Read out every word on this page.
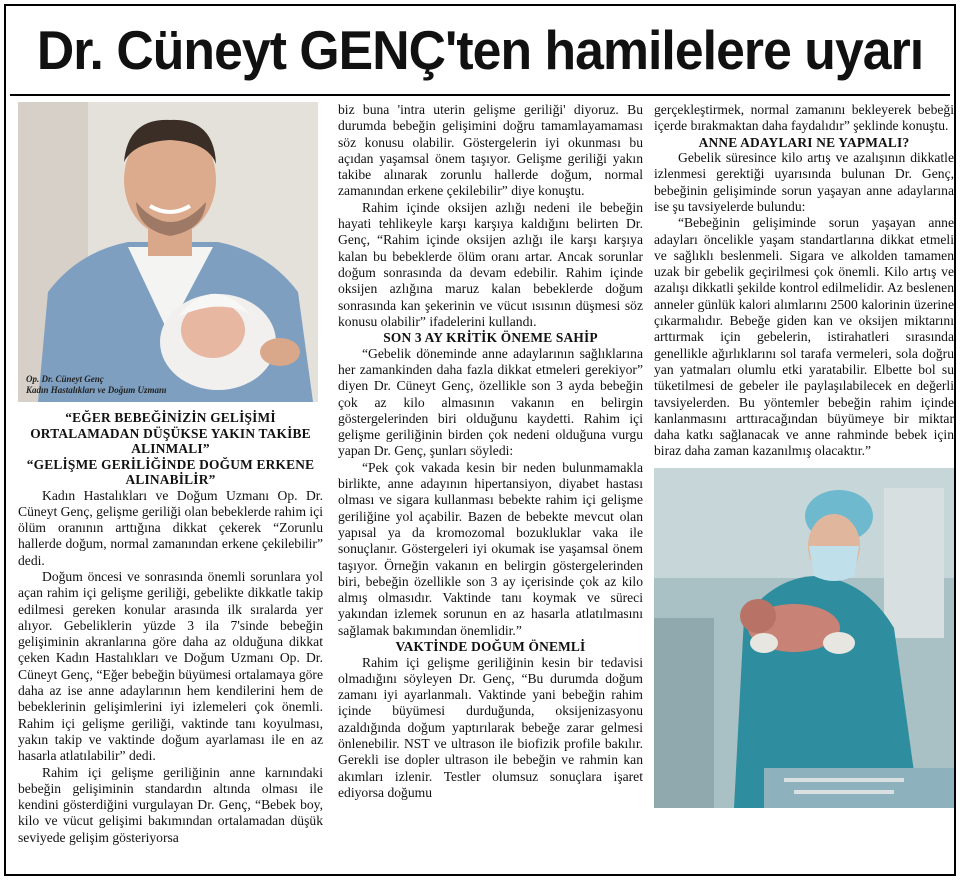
Dr. Cüneyt GENÇ'ten hamilelere uyarı
Op. Dr. Cüneyt Genç
Kadın Hastalıkları ve Doğum Uzmanı

“EĞER BEBEĞİNİZİN GELİŞİMİ ORTALAMADAN DÜŞÜKSE YAKIN TAKİBE ALINMALI”

“GELİŞME GERİLİĞİNDE DOĞUM ERKENE ALINABİLİR”

Kadın Hastalıkları ve Doğum Uzmanı Op. Dr. Cüneyt Genç, gelişme geriliği olan bebeklerde rahim içi ölüm oranının arttığına dikkat çekerek “Zorunlu hallerde doğum, normal zamanından erkene çekilebilir” dedi.

Doğum öncesi ve sonrasında önemli sorunlara yol açan rahim içi gelişme geriliği, gebelikte dikkatle takip edilmesi gereken konular arasında ilk sıralarda yer alıyor. Gebeliklerin yüzde 3 ila 7'sinde bebeğin gelişiminin akranlarına göre daha az olduğuna dikkat çeken Kadın Hastalıkları ve Doğum Uzmanı Op. Dr. Cüneyt Genç, “Eğer bebeğin büyümesi ortalamaya göre daha az ise anne adaylarının hem kendilerini hem de bebeklerinin gelişimlerini iyi izlemeleri çok önemli. Rahim içi gelişme geriliği, vaktinde tanı koyulması, yakın takip ve vaktinde doğum ayarlaması ile en az hasarla atlatılabilir” dedi.

Rahim içi gelişme geriliğinin anne karnındaki bebeğin gelişiminin standardın altında olması ile kendini gösterdiğini vurgulayan Dr. Genç, “Bebek boy, kilo ve vücut gelişimi bakımından ortalamadan düşük seviyede gelişim gösteriyorsa

biz buna 'intra uterin gelişme geriliği' diyoruz. Bu durumda bebeğin gelişimini doğru tamamlayamaması söz konusu olabilir. Göstergelerin iyi okunması bu açıdan yaşamsal önem taşıyor. Gelişme geriliği yakın takibe alınarak zorunlu hallerde doğum, normal zamanından erkene çekilebilir” diye konuştu.

Rahim içinde oksijen azlığı nedeni ile bebeğin hayati tehlikeyle karşı karşıya kaldığını belirten Dr. Genç, “Rahim içinde oksijen azlığı ile karşı karşıya kalan bu bebeklerde ölüm oranı artar. Ancak sorunlar doğum sonrasında da devam edebilir. Rahim içinde oksijen azlığına maruz kalan bebeklerde doğum sonrasında kan şekerinin ve vücut ısısının düşmesi söz konusu olabilir” ifadelerini kullandı.

SON 3 AY KRİTİK ÖNEME SAHİP

“Gebelik döneminde anne adaylarının sağlıklarına her zamankinden daha fazla dikkat etmeleri gerekiyor” diyen Dr. Cüneyt Genç, özellikle son 3 ayda bebeğin çok az kilo almasının vakanın en belirgin göstergelerinden biri olduğunu kaydetti. Rahim içi gelişme geriliğinin birden çok nedeni olduğuna vurgu yapan Dr. Genç, şunları söyledi:

“Pek çok vakada kesin bir neden bulunmamakla birlikte, anne adayının hipertansiyon, diyabet hastası olması ve sigara kullanması bebekte rahim içi gelişme geriliğine yol açabilir. Bazen de bebekte mevcut olan yapısal ya da kromozomal bozukluklar vaka ile sonuçlanır. Göstergeleri iyi okumak ise yaşamsal önem taşıyor. Örneğin vakanın en belirgin göstergelerinden biri, bebeğin özellikle son 3 ay içerisinde çok az kilo almış olmasıdır. Vaktinde tanı koymak ve süreci yakından izlemek sorunun en az hasarla atlatılmasını sağlamak bakımından önemlidir.”

VAKTİNDE DOĞUM ÖNEMLİ

Rahim içi gelişme geriliğinin kesin bir tedavisi olmadığını söyleyen Dr. Genç, “Bu durumda doğum zamanı iyi ayarlanmalı. Vaktinde yani bebeğin rahim içinde büyümesi durduğunda, oksijenizasyonu azaldığında doğum yaptırılarak bebeğe zarar gelmesi önlenebilir. NST ve ultrason ile biofizik profile bakılır. Gerekli ise dopler ultrason ile bebeğin ve rahmin kan akımları izlenir. Testler olumsuz sonuçlara işaret ediyorsa doğumu

gerçekleştirmek, normal zamanını bekleyerek bebeği içerde bırakmaktan daha faydalıdır” şeklinde konuştu.

ANNE ADAYLARI NE YAPMALI?

Gebelik süresince kilo artış ve azalışının dikkatle izlenmesi gerektiği uyarısında bulunan Dr. Genç, bebeğinin gelişiminde sorun yaşayan anne adaylarına ise şu tavsiyelerde bulundu:

“Bebeğinin gelişiminde sorun yaşayan anne adayları öncelikle yaşam standartlarına dikkat etmeli ve sağlıklı beslenmeli. Sigara ve alkolden tamamen uzak bir gebelik geçirilmesi çok önemli. Kilo artış ve azalışı dikkatli şekilde kontrol edilmelidir. Az beslenen anneler günlük kalori alımlarını 2500 kalorinin üzerine çıkarmalıdır. Bebeğe giden kan ve oksijen miktarını arttırmak için gebelerin, istirahatleri sırasında genellikle ağırlıklarını sol tarafa vermeleri, sola doğru yan yatmaları olumlu etki yaratabilir. Elbette bol su tüketilmesi de gebeler ile paylaşılabilecek en değerli tavsiyelerden. Bu yöntemler bebeğin rahim içinde kanlanmasını arttıracağından büyümeye bir miktar daha katkı sağlanacak ve anne rahminde bebek için biraz daha zaman kazanılmış olacaktır.”
